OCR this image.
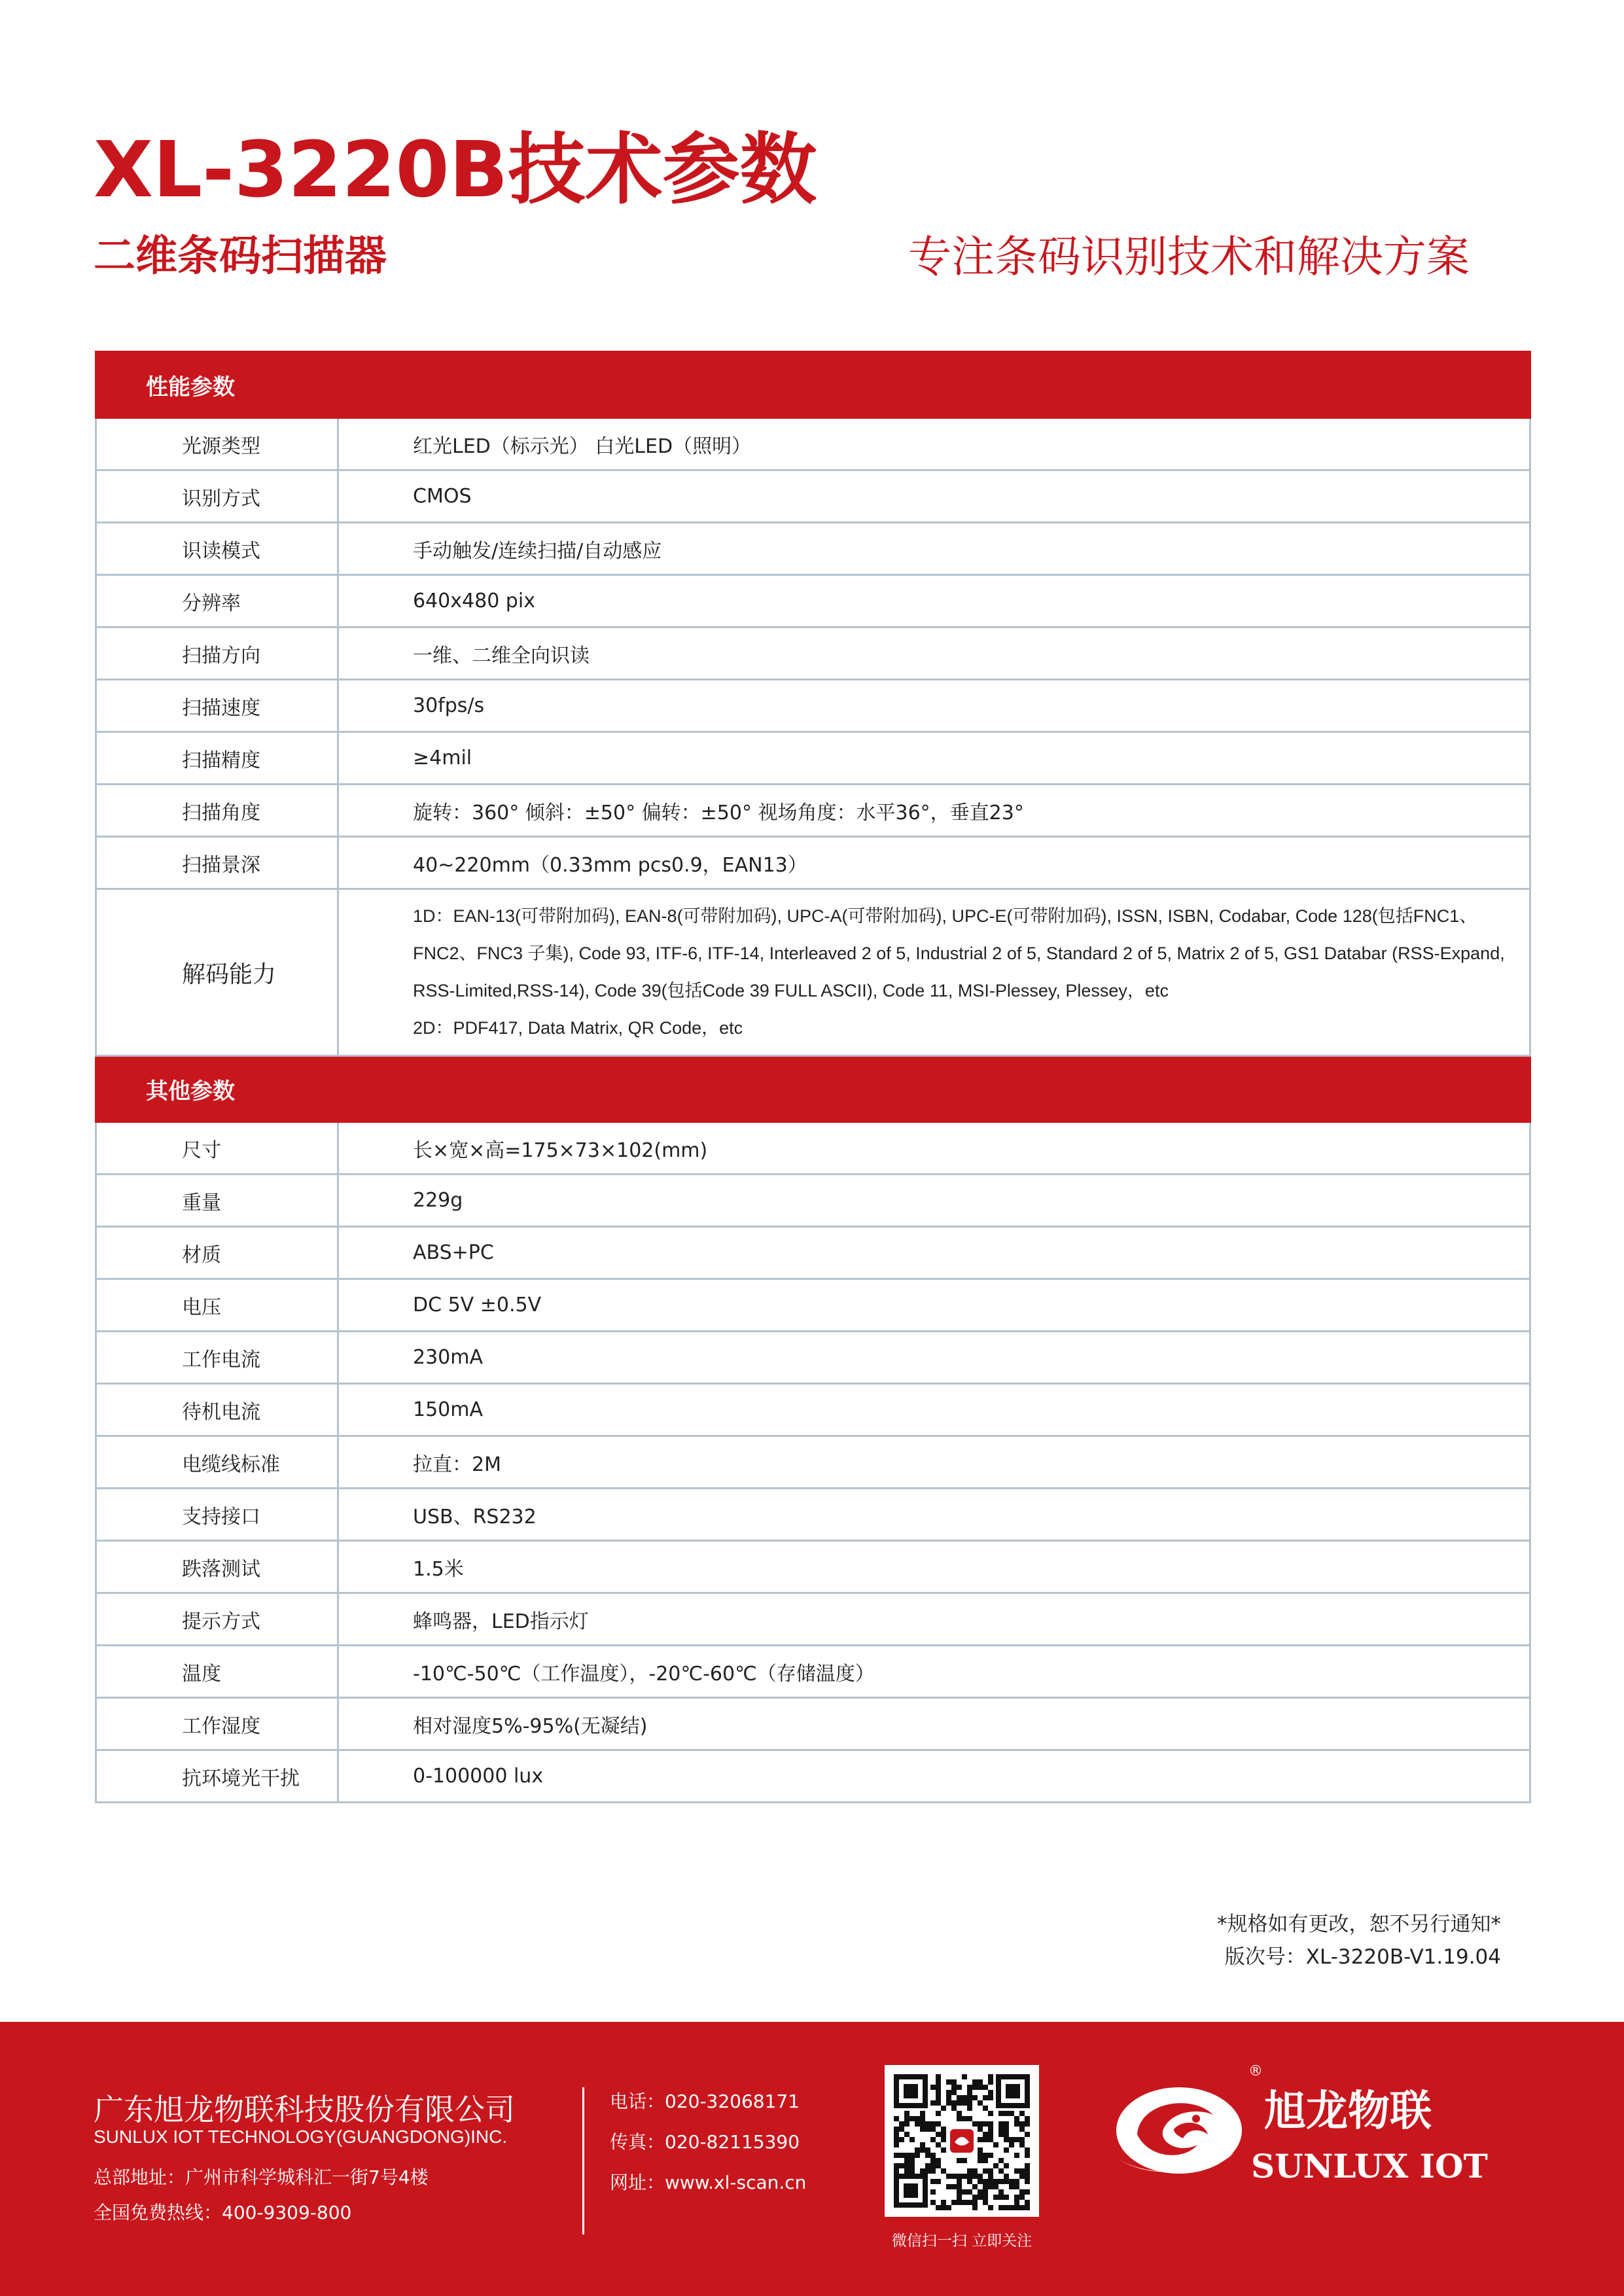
XL-3220B技术参数
二维条码扫描器	专注条码识别技术和解决方案
性能参数	
光源类型	红光LED（标示光） 白光LED（照明）
识别方式	CMOS
识读模式	手动触发/连续扫描/自动感应
分辨率	640x480 pix
扫描方向	一维、二维全向识读
扫描速度	30fps/s
扫描精度	≥4mil
扫描角度	旋转：360° 倾斜：±50° 偏转：±50° 视场角度：水平36°，垂直23°
扫描景深	40~220mm（0.33mm pcs0.9，EAN13）
解码能力	1D：EAN-13(可带附加码), EAN-8(可带附加码), UPC-A(可带附加码), UPC-E(可带附加码), ISSN, ISBN, Codabar, Code 128(包括FNC1、FNC2、FNC3 子集), Code 93, ITF-6, ITF-14, Interleaved 2 of 5, Industrial 2 of 5, Standard 2 of 5, Matrix 2 of 5, GS1 Databar (RSS-Expand, RSS-Limited,RSS-14), Code 39(包括Code 39 FULL ASCII), Code 11, MSI-Plessey, Plessey，etc
2D：PDF417, Data Matrix, QR Code，etc

其他参数	
尺寸	长×宽×高=175×73×102(mm)
重量	229g
材质	ABS+PC
电压	DC 5V ±0.5V
工作电流	230mA
待机电流	150mA
电缆线标准	拉直：2M
支持接口	USB、RS232
跌落测试	1.5米
提示方式	蜂鸣器，LED指示灯
温度	-10℃-50℃（工作温度），-20℃-60℃（存储温度）
工作湿度	相对湿度5%-95%(无凝结)
抗环境光干扰	0-100000 lux
*规格如有更改，恕不另行通知*
版次号：XL-3220B-V1.19.04
广东旭龙物联科技股份有限公司
SUNLUX IOT TECHNOLOGY(GUANGDONG)INC.
总部地址：广州市科学城科汇一街7号4楼
全国免费热线：400-9309-800
电话：020-32068171
传真：020-82115390
网址：www.xl-scan.cn
微信扫一扫 立即关注
®
旭龙物联
SUNLUX IOT
